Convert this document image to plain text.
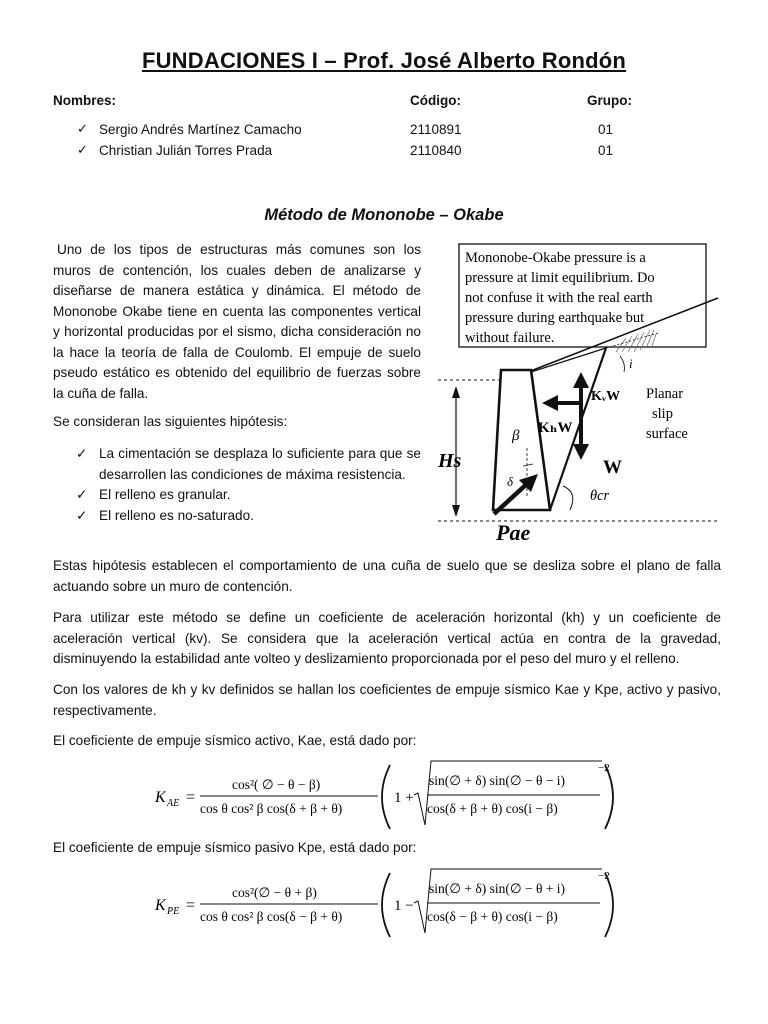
FUNDACIONES I – Prof. José Alberto Rondón
Nombres:	Código:	Grupo:
✓ Sergio Andrés Martínez Camacho	2110891	01
✓ Christian Julián Torres Prada	2110840	01
Método de Mononobe – Okabe

Uno de los tipos de estructuras más comunes son los muros de contención, los cuales deben de analizarse y diseñarse de manera estática y dinámica. El método de Mononobe Okabe tiene en cuenta las componentes vertical y horizontal producidas por el sismo, dicha consideración no la hace la teoría de falla de Coulomb. El empuje de suelo pseudo estático es obtenido del equilibrio de fuerzas sobre la cuña de falla.

Se consideran las siguientes hipótesis:
✓ La cimentación se desplaza lo suficiente para que se desarrollen las condiciones de máxima resistencia.
✓ El relleno es granular.
✓ El relleno es no-saturado.
Mononobe-Okabe pressure is a
pressure at limit equilibrium. Do
not confuse it with the real earth
pressure during earthquake but
without failure.
Hs
i
KᵥW
KₕW
W
Planar
slip
surface
θcr
β
δ
Pae
Estas hipótesis establecen el comportamiento de una cuña de suelo que se desliza sobre el plano de falla actuando sobre un muro de contención.
Para utilizar este método se define un coeficiente de aceleración horizontal (kh) y un coeficiente de aceleración vertical (kv). Se considera que la aceleración vertical actúa en contra de la gravedad, disminuyendo la estabilidad ante volteo y deslizamiento proporcionada por el peso del muro y el relleno.
Con los valores de kh y kv definidos se hallan los coeficientes de empuje sísmico Kae y Kpe, activo y pasivo, respectivamente.
El coeficiente de empuje sísmico activo, Kae, está dado por:
K AE =
cos²( ∅ − θ − β)
cos θ cos² β cos(δ + β + θ)
1 +
sin(∅ + δ) sin(∅ − θ − i)
cos(δ + β + θ) cos(i − β)
−2
El coeficiente de empuje sísmico pasivo Kpe, está dado por:
K PE =
cos²(∅ − θ + β)
cos θ cos² β cos(δ − β + θ)
1 −
sin(∅ + δ) sin(∅ − θ + i)
cos(δ − β + θ) cos(i − β)
−2
